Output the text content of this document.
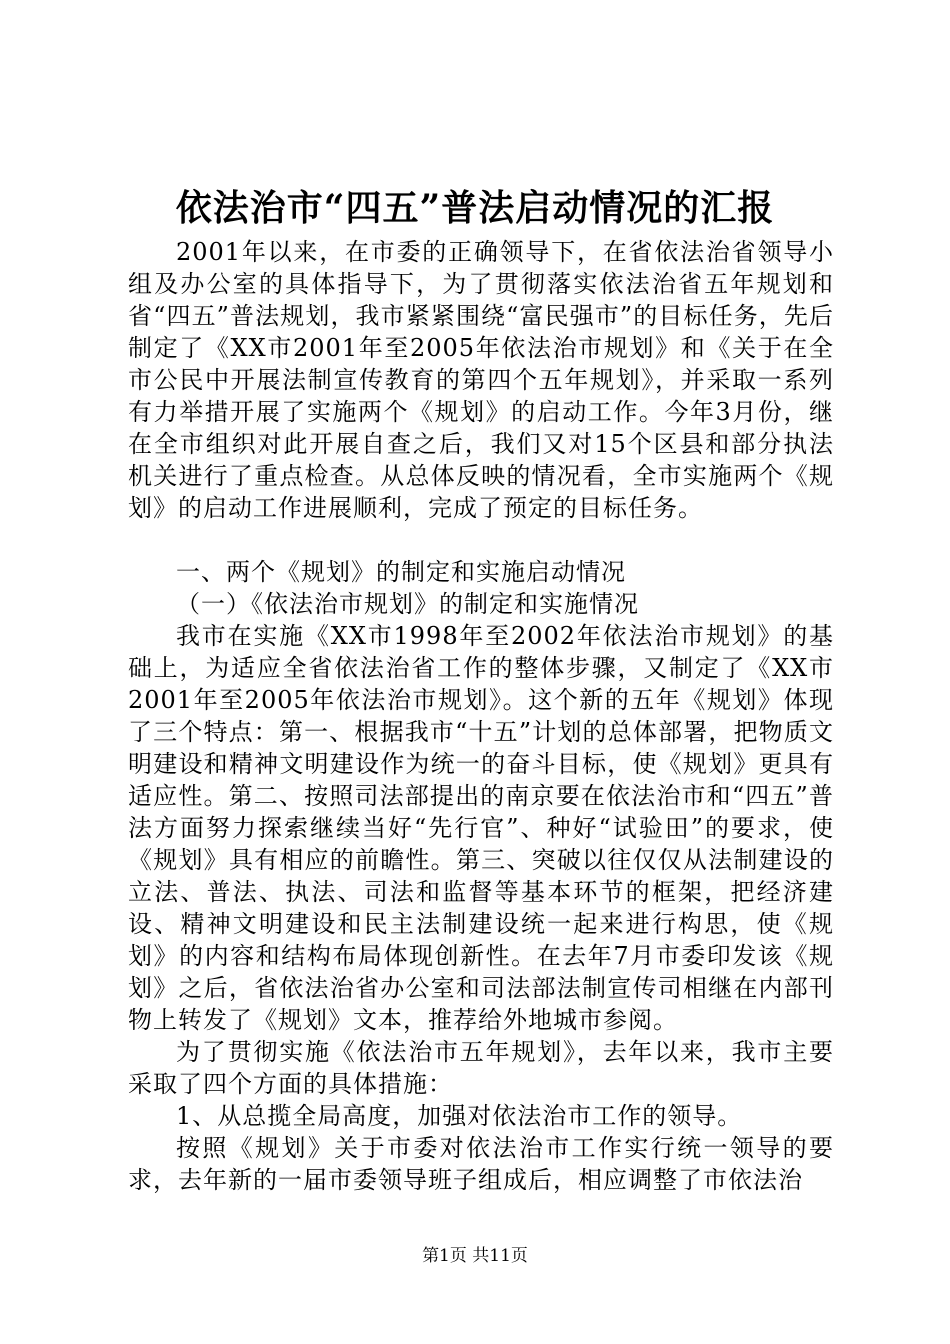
依法治市“四五”普法启动情况的汇报

2001年以来，在市委的正确领导下，在省依法治省领导小组及办公室的具体指导下，为了贯彻落实依法治省五年规划和省“四五”普法规划，我市紧紧围绕“富民强市”的目标任务，先后制定了《XX市2001年至2005年依法治市规划》和《关于在全市公民中开展法制宣传教育的第四个五年规划》，并采取一系列有力举措开展了实施两个《规划》的启动工作。今年3月份，继在全市组织对此开展自查之后，我们又对15个区县和部分执法机关进行了重点检查。从总体反映的情况看，全市实施两个《规划》的启动工作进展顺利，完成了预定的目标任务。

一、两个《规划》的制定和实施启动情况

（一）《依法治市规划》的制定和实施情况

我市在实施《XX市1998年至2002年依法治市规划》的基础上，为适应全省依法治省工作的整体步骤，又制定了《XX市2001年至2005年依法治市规划》。这个新的五年《规划》体现了三个特点：第一、根据我市“十五”计划的总体部署，把物质文明建设和精神文明建设作为统一的奋斗目标，使《规划》更具有适应性。第二、按照司法部提出的南京要在依法治市和“四五”普法方面努力探索继续当好“先行官”、种好“试验田”的要求，使《规划》具有相应的前瞻性。第三、突破以往仅仅从法制建设的立法、普法、执法、司法和监督等基本环节的框架，把经济建设、精神文明建设和民主法制建设统一起来进行构思，使《规划》的内容和结构布局体现创新性。在去年7月市委印发该《规划》之后，省依法治省办公室和司法部法制宣传司相继在内部刊物上转发了《规划》文本，推荐给外地城市参阅。

为了贯彻实施《依法治市五年规划》，去年以来，我市主要采取了四个方面的具体措施：

1、从总揽全局高度，加强对依法治市工作的领导。

按照《规划》关于市委对依法治市工作实行统一领导的要求，去年新的一届市委领导班子组成后，相应调整了市依法治

第1页 共11页
